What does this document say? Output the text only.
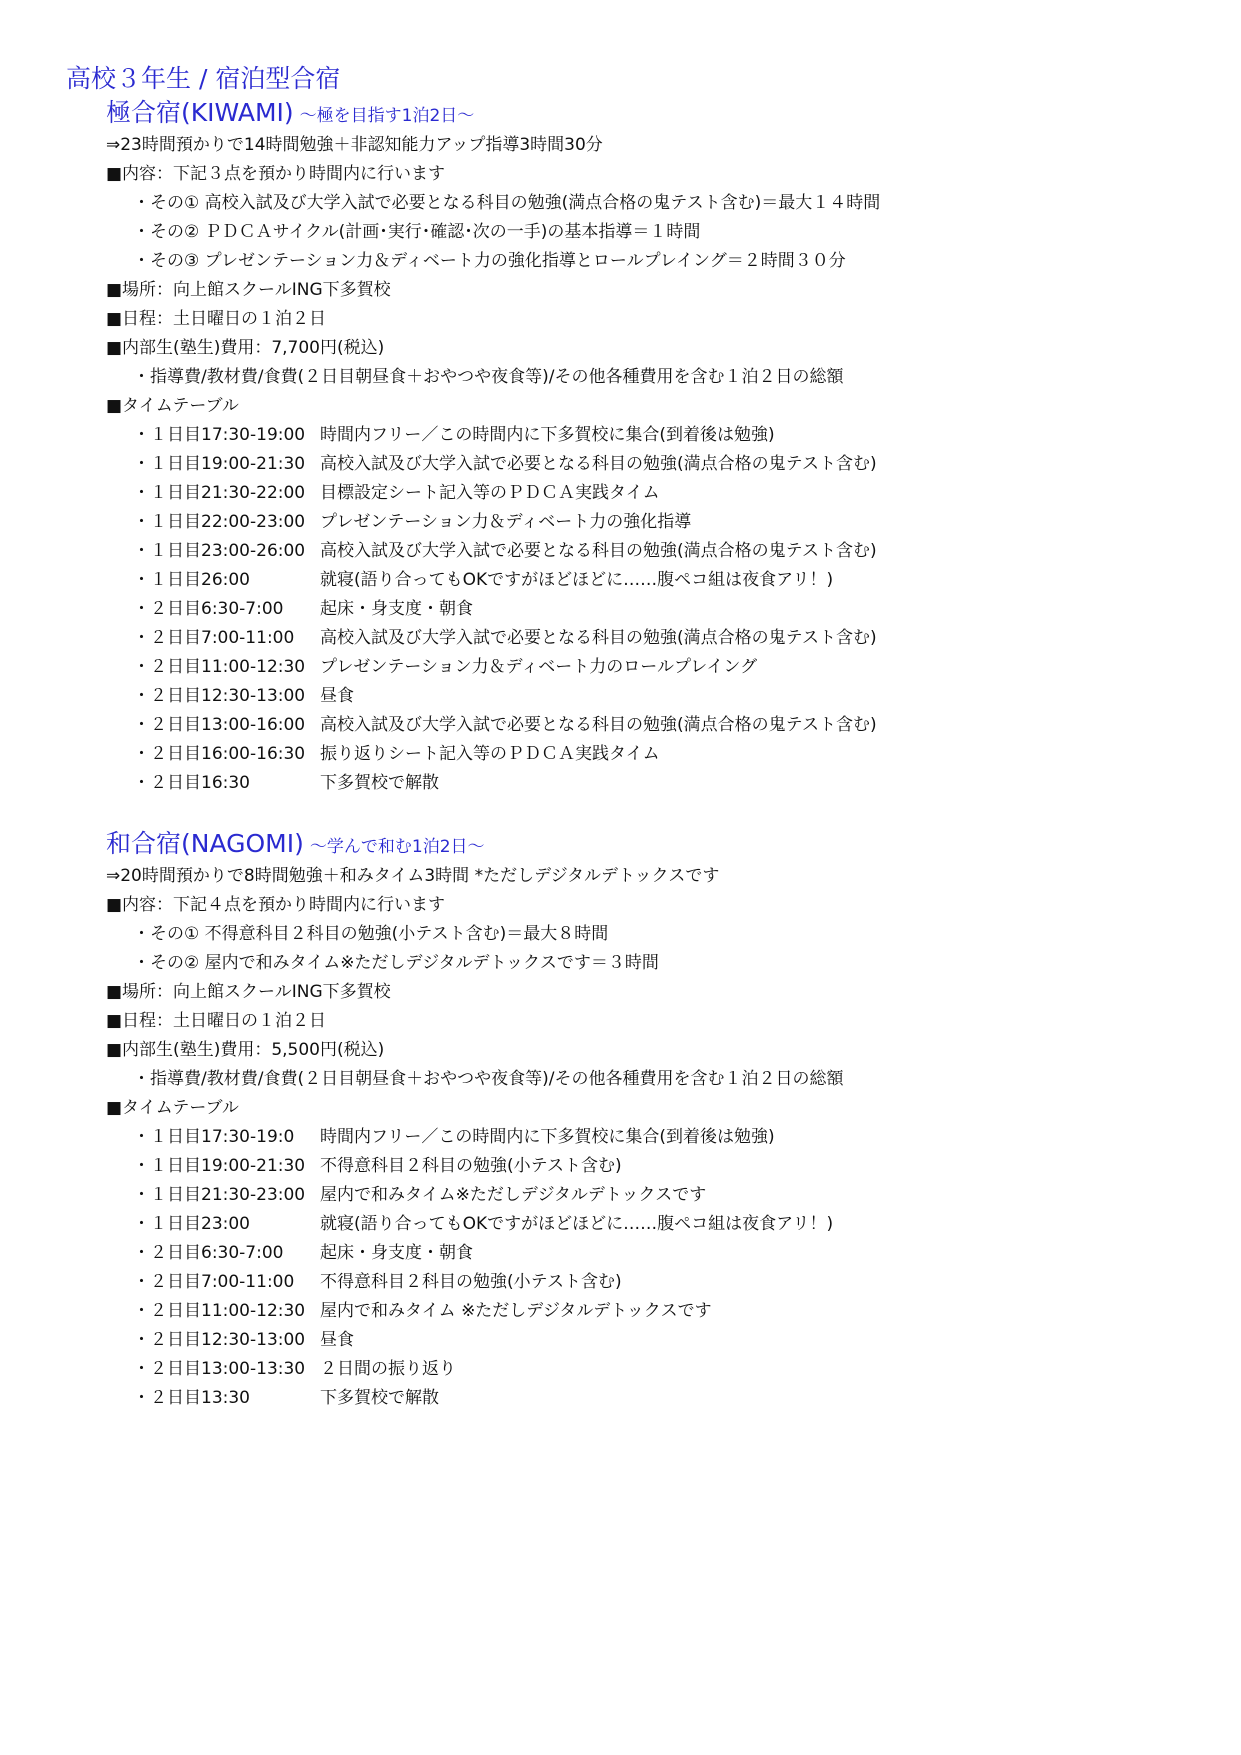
高校３年生 / 宿泊型合宿
極合宿(KIWAMI) 〜極を目指す1泊2日〜
⇒23時間預かりで14時間勉強＋非認知能力アップ指導3時間30分
■内容：下記３点を預かり時間内に行います
・その① 高校入試及び大学入試で必要となる科目の勉強(満点合格の鬼テスト含む)＝最大１４時間
・その② ＰＤＣＡサイクル(計画･実行･確認･次の一手)の基本指導＝１時間
・その③ プレゼンテーション力＆ディベート力の強化指導とロールプレイング＝２時間３０分
■場所：向上館スクールING下多賀校
■日程：土日曜日の１泊２日
■内部生(塾生)費用：7,700円(税込)
・指導費/教材費/食費(２日目朝昼食＋おやつや夜食等)/その他各種費用を含む１泊２日の総額
■タイムテーブル
・１日目17:30-19:00 時間内フリー／この時間内に下多賀校に集合(到着後は勉強)
・１日目19:00-21:30 高校入試及び大学入試で必要となる科目の勉強(満点合格の鬼テスト含む)
・１日目21:30-22:00 目標設定シート記入等のＰＤＣＡ実践タイム
・１日目22:00-23:00 プレゼンテーション力＆ディベート力の強化指導
・１日目23:00-26:00 高校入試及び大学入試で必要となる科目の勉強(満点合格の鬼テスト含む)
・１日目26:00	就寝(語り合ってもOKですがほどほどに……腹ペコ組は夜食アリ！)
・２日目6:30-7:00 起床・身支度・朝食
・２日目7:00-11:00 高校入試及び大学入試で必要となる科目の勉強(満点合格の鬼テスト含む)
・２日目11:00-12:30 プレゼンテーション力＆ディベート力のロールプレイング
・２日目12:30-13:00 昼食
・２日目13:00-16:00 高校入試及び大学入試で必要となる科目の勉強(満点合格の鬼テスト含む)
・２日目16:00-16:30 振り返りシート記入等のＰＤＣＡ実践タイム
・２日目16:30	下多賀校で解散
和合宿(NAGOMI) 〜学んで和む1泊2日〜
⇒20時間預かりで8時間勉強＋和みタイム3時間 *ただしデジタルデトックスです
■内容：下記４点を預かり時間内に行います
・その① 不得意科目２科目の勉強(小テスト含む)＝最大８時間
・その② 屋内で和みタイム※ただしデジタルデトックスです＝３時間
■場所：向上館スクールING下多賀校
■日程：土日曜日の１泊２日
■内部生(塾生)費用：5,500円(税込)
・指導費/教材費/食費(２日目朝昼食＋おやつや夜食等)/その他各種費用を含む１泊２日の総額
■タイムテーブル
・１日目17:30-19:0 時間内フリー／この時間内に下多賀校に集合(到着後は勉強)
・１日目19:00-21:30 不得意科目２科目の勉強(小テスト含む)
・１日目21:30-23:00 屋内で和みタイム※ただしデジタルデトックスです
・１日目23:00	就寝(語り合ってもOKですがほどほどに……腹ペコ組は夜食アリ！)
・２日目6:30-7:00 起床・身支度・朝食
・２日目7:00-11:00 不得意科目２科目の勉強(小テスト含む)
・２日目11:00-12:30 屋内で和みタイム ※ただしデジタルデトックスです
・２日目12:30-13:00 昼食
・２日目13:00-13:30 ２日間の振り返り
・２日目13:30	下多賀校で解散
